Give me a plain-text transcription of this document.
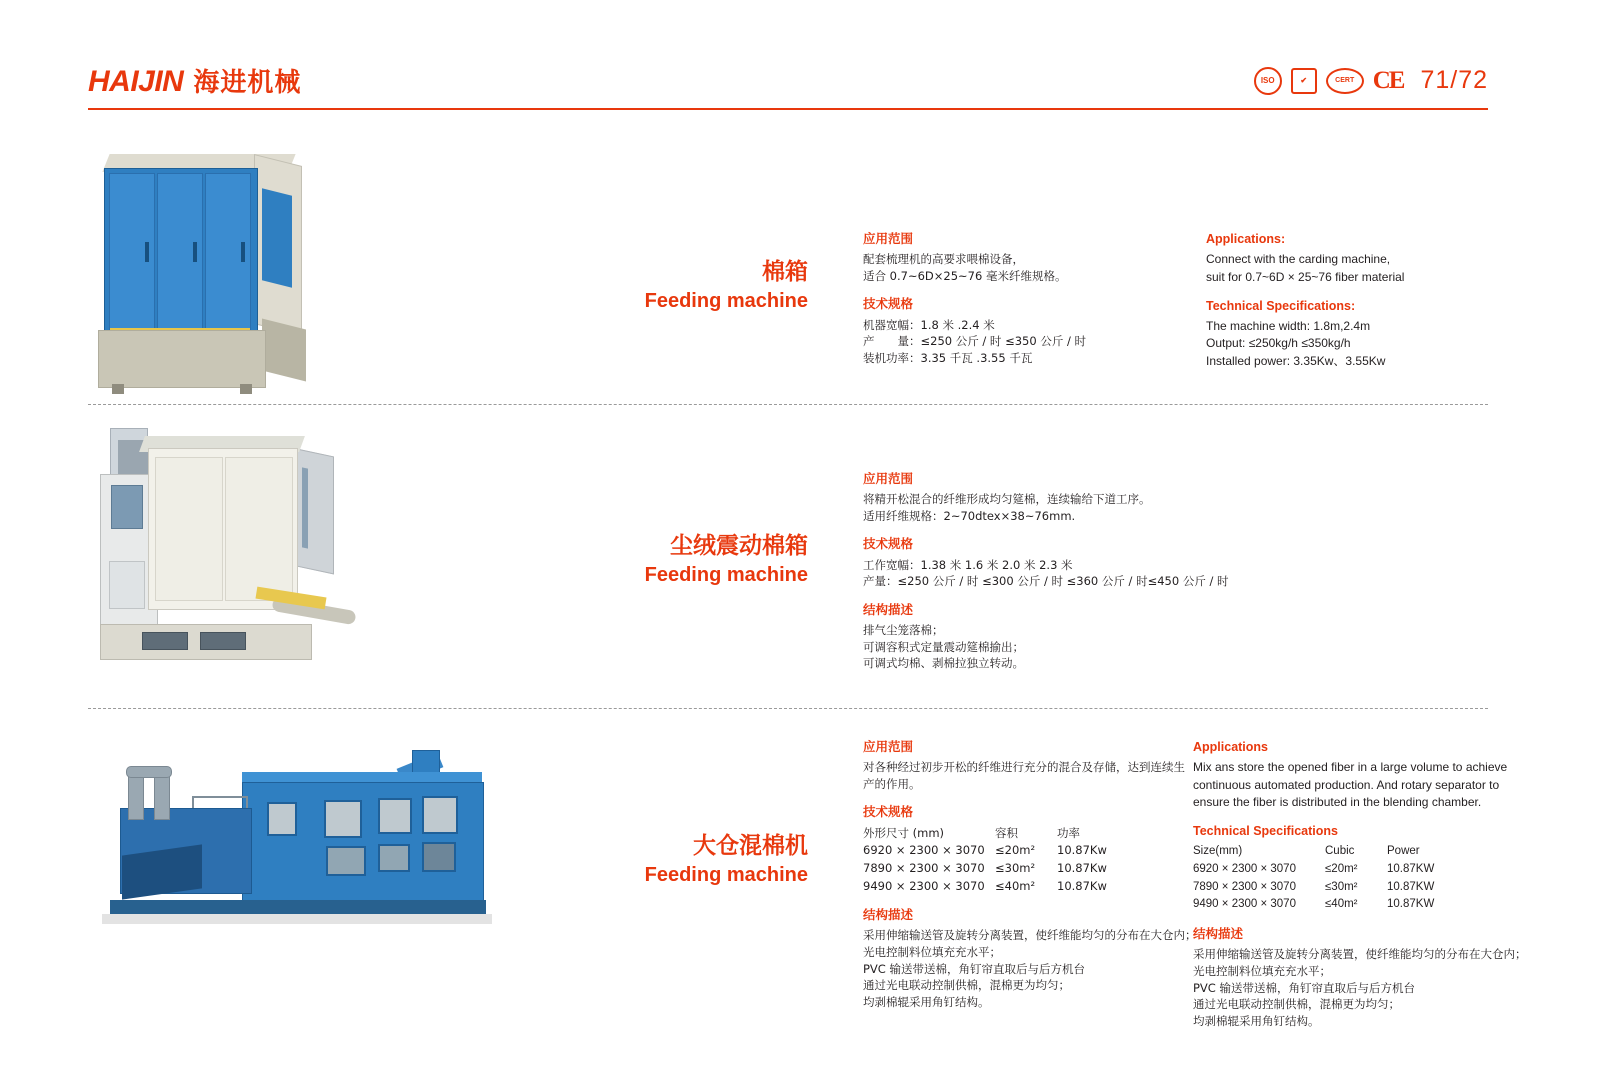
HAIJIN 海进机械	ISO	✔	CERT CE 71/72
棉箱
Feeding machine
应用范围
配套梳理机的高要求喂棉设备，
适合 0.7~6D×25~76 毫米纤维规格。
技术规格
机器宽幅：1.8 米 .2.4 米
产　　量：≤250 公斤 / 时 ≤350 公斤 / 时
装机功率：3.35 千瓦 .3.55 千瓦
Applications:
Connect with the carding machine,
suit for 0.7~6D × 25~76 fiber material
Technical Specifications:
The machine width: 1.8m,2.4m
Output: ≤250kg/h ≤350kg/h
Installed power: 3.35Kw、3.55Kw
尘绒震动棉箱
Feeding machine
应用范围
将精开松混合的纤维形成均匀筵棉，连续输给下道工序。
适用纤维规格：2~70dtex×38~76mm.
技术规格
工作宽幅：1.38 米 1.6 米 2.0 米 2.3 米
产量：≤250 公斤 / 时 ≤300 公斤 / 时 ≤360 公斤 / 时≤450 公斤 / 时
结构描述
排气尘笼落棉；
可调容积式定量震动筵棉揄出；
可调式均棉、剥棉拉独立转动。
大仓混棉机
Feeding machine
应用范围
对各种经过初步开松的纤维进行充分的混合及存储，达到连续生
产的作用。
技术规格
外形尺寸 (mm)	容积	功率
6920 × 2300 × 3070	≤20m²	10.87Kw
7890 × 2300 × 3070	≤30m²	10.87Kw
9490 × 2300 × 3070	≤40m²	10.87Kw
结构描述
采用伸缩输送管及旋转分离装置，使纤维能均匀的分布在大仓内；
光电控制料位填充充水平；
PVC 输送带送棉，角钉帘直取后与后方机台
通过光电联动控制供棉，混棉更为均匀；
均剥棉辊采用角钉结构。
Applications
Mix ans store the opened fiber in a large volume to achieve
continuous automated production. And rotary separator to
ensure the fiber is distributed in the blending chamber.
Technical Specifications
Size(mm)	Cubic	Power
6920 × 2300 × 3070	≤20m²	10.87KW
7890 × 2300 × 3070	≤30m²	10.87KW
9490 × 2300 × 3070	≤40m²	10.87KW
结构描述
采用伸缩输送管及旋转分离装置，使纤维能均匀的分布在大仓内；
光电控制料位填充充水平；
PVC 输送带送棉，角钉帘直取后与后方机台
通过光电联动控制供棉，混棉更为均匀；
均剥棉辊采用角钉结构。
